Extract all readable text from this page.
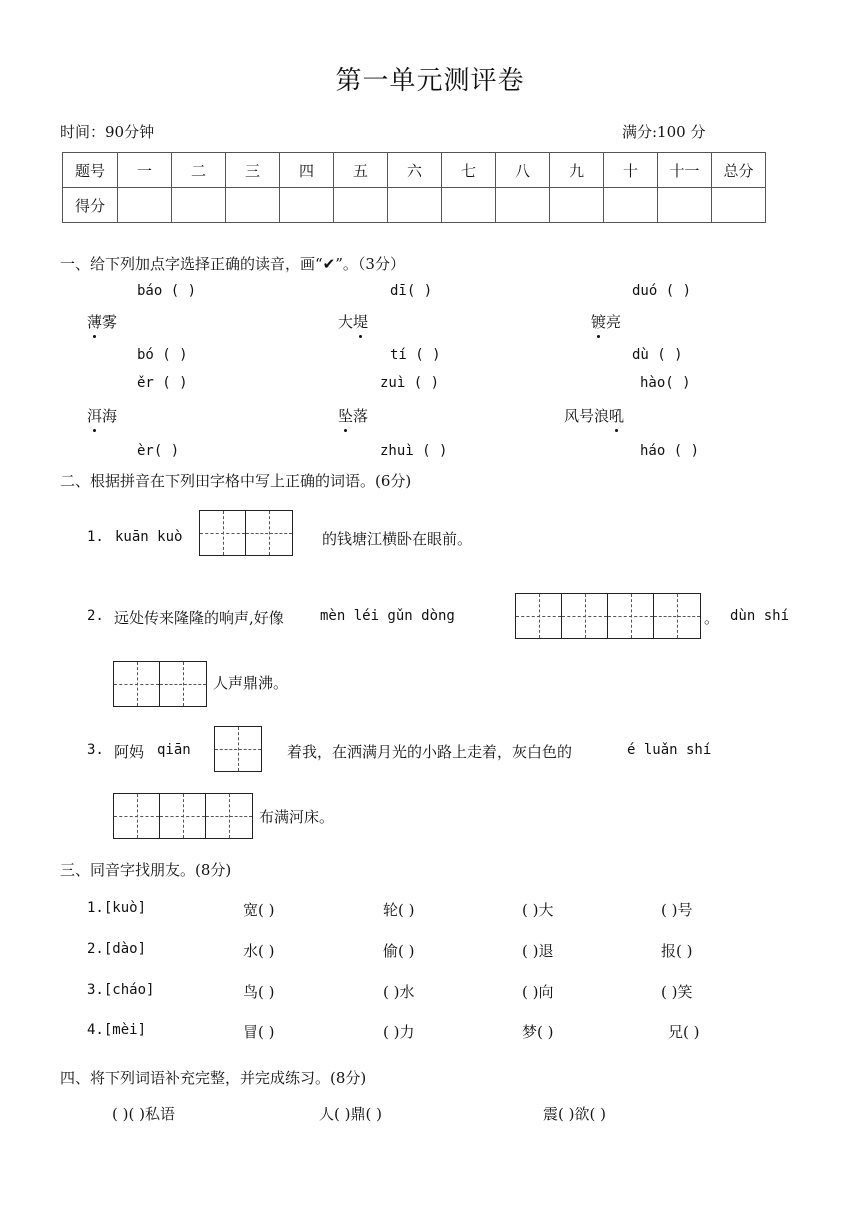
第一单元测评卷
时间：90分钟	满分:100 分
题号	一	二	三	四	五	六	七	八	九	十	十一	总分
得分												
一、给下列加点字选择正确的读音，画“✔”。（3分）
báo ( )	dī( )	duó ( )
薄雾	大堤	镀亮
bó ( )	tí ( )	dù ( )
ěr ( )	zuì ( )	hào( )
洱海	坠落	风号浪吼
èr( )	zhuì ( )	háo ( )
二、根据拼音在下列田字格中写上正确的词语。(6分)
1. kuān kuò	的钱塘江横卧在眼前。
2. 远处传来隆隆的响声,好像	mèn léi gǔn dòng	。 dùn shí
人声鼎沸。
3. 阿妈 qiān	着我，在洒满月光的小路上走着，灰白色的	é luǎn shí
布满河床。
三、同音字找朋友。(8分)
1.[kuò]	宽( )	轮( )	( )大	( )号
2.[dào]	水( )	偷( )	( )退	报( )
3.[cháo]	鸟( )	( )水	( )向	( )笑
4.[mèi]	冒( )	( )力	梦( )	兄( )
四、将下列词语补充完整，并完成练习。(8分)
( )( )私语	人( )鼎( )	震( )欲( )
